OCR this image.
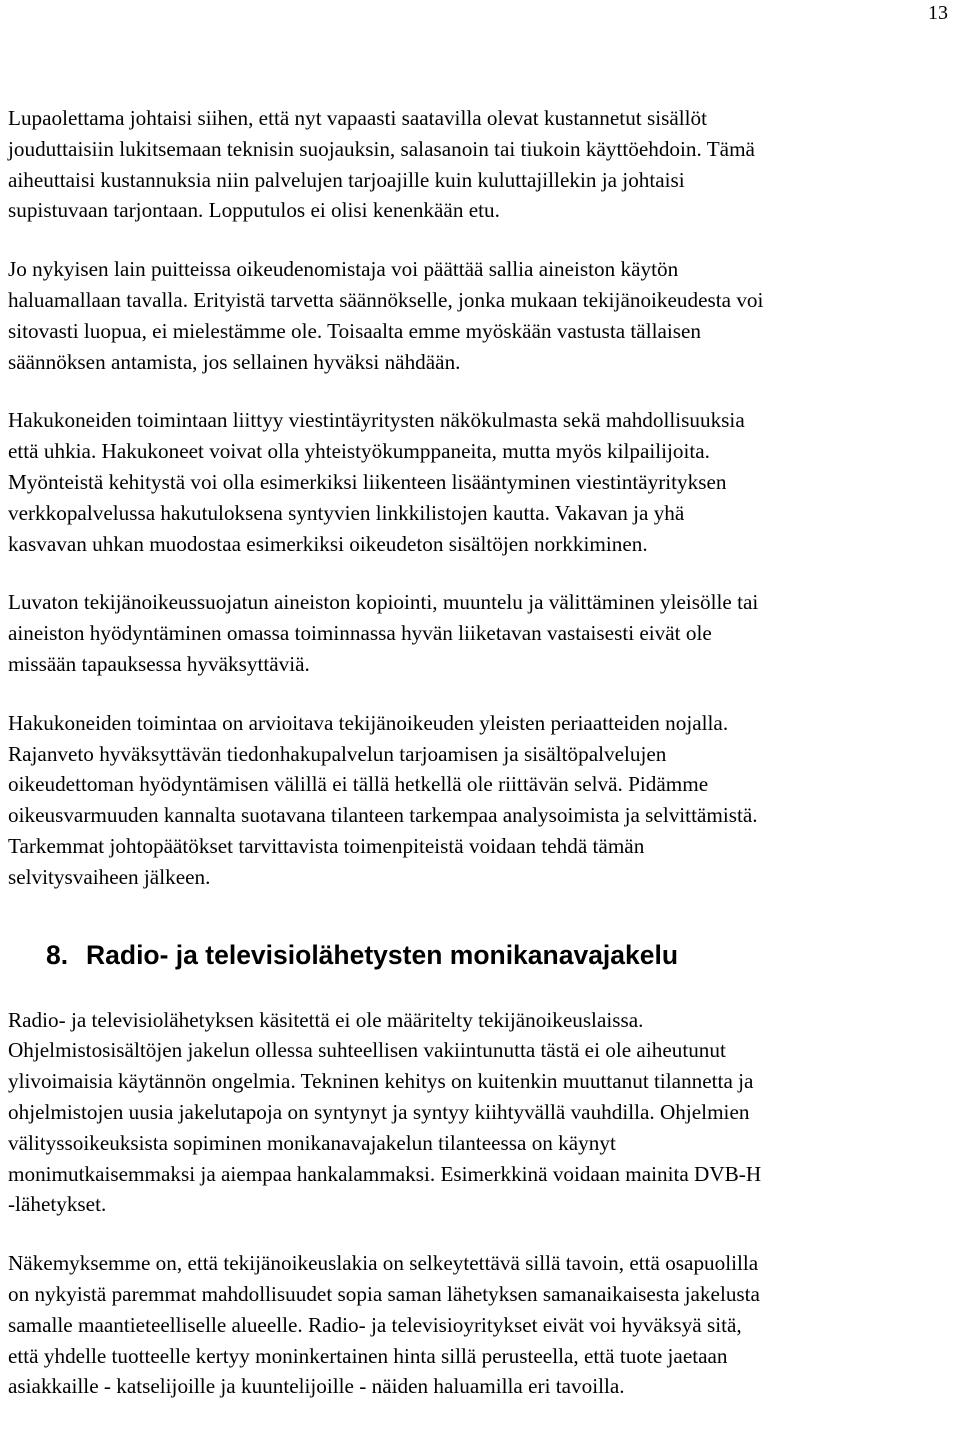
13

Lupaolettama johtaisi siihen, että nyt vapaasti saatavilla olevat kustannetut sisällöt
jouduttaisiin lukitsemaan teknisin suojauksin, salasanoin tai tiukoin käyttöehdoin. Tämä
aiheuttaisi kustannuksia niin palvelujen tarjoajille kuin kuluttajillekin ja johtaisi
supistuvaan tarjontaan. Lopputulos ei olisi kenenkään etu.

Jo nykyisen lain puitteissa oikeudenomistaja voi päättää sallia aineiston käytön
haluamallaan tavalla. Erityistä tarvetta säännökselle, jonka mukaan tekijänoikeudesta voi
sitovasti luopua, ei mielestämme ole. Toisaalta emme myöskään vastusta tällaisen
säännöksen antamista, jos sellainen hyväksi nähdään.

Hakukoneiden toimintaan liittyy viestintäyritysten näkökulmasta sekä mahdollisuuksia
että uhkia. Hakukoneet voivat olla yhteistyökumppaneita, mutta myös kilpailijoita.
Myönteistä kehitystä voi olla esimerkiksi liikenteen lisääntyminen viestintäyrityksen
verkkopalvelussa hakutuloksena syntyvien linkkilistojen kautta. Vakavan ja yhä
kasvavan uhkan muodostaa esimerkiksi oikeudeton sisältöjen norkkiminen.

Luvaton tekijänoikeussuojatun aineiston kopiointi, muuntelu ja välittäminen yleisölle tai
aineiston hyödyntäminen omassa toiminnassa hyvän liiketavan vastaisesti eivät ole
missään tapauksessa hyväksyttäviä.

Hakukoneiden toimintaa on arvioitava tekijänoikeuden yleisten periaatteiden nojalla.
Rajanveto hyväksyttävän tiedonhakupalvelun tarjoamisen ja sisältöpalvelujen
oikeudettoman hyödyntämisen välillä ei tällä hetkellä ole riittävän selvä. Pidämme
oikeusvarmuuden kannalta suotavana tilanteen tarkempaa analysoimista ja selvittämistä.
Tarkemmat johtopäätökset tarvittavista toimenpiteistä voidaan tehdä tämän
selvitysvaiheen jälkeen.

8. Radio- ja televisiolähetysten monikanavajakelu

Radio- ja televisiolähetyksen käsitettä ei ole määritelty tekijänoikeuslaissa.
Ohjelmistosisältöjen jakelun ollessa suhteellisen vakiintunutta tästä ei ole aiheutunut
ylivoimaisia käytännön ongelmia. Tekninen kehitys on kuitenkin muuttanut tilannetta ja
ohjelmistojen uusia jakelutapoja on syntynyt ja syntyy kiihtyvällä vauhdilla. Ohjelmien
välityssoikeuksista sopiminen monikanavajakelun tilanteessa on käynyt
monimutkaisemmaksi ja aiempaa hankalammaksi. Esimerkkinä voidaan mainita DVB-H
-lähetykset.

Näkemyksemme on, että tekijänoikeuslakia on selkeytettävä sillä tavoin, että osapuolilla
on nykyistä paremmat mahdollisuudet sopia saman lähetyksen samanaikaisesta jakelusta
samalle maantieteelliselle alueelle. Radio- ja televisioyritykset eivät voi hyväksyä sitä,
että yhdelle tuotteelle kertyy moninkertainen hinta sillä perusteella, että tuote jaetaan
asiakkaille - katselijoille ja kuuntelijoille - näiden haluamilla eri tavoilla.
